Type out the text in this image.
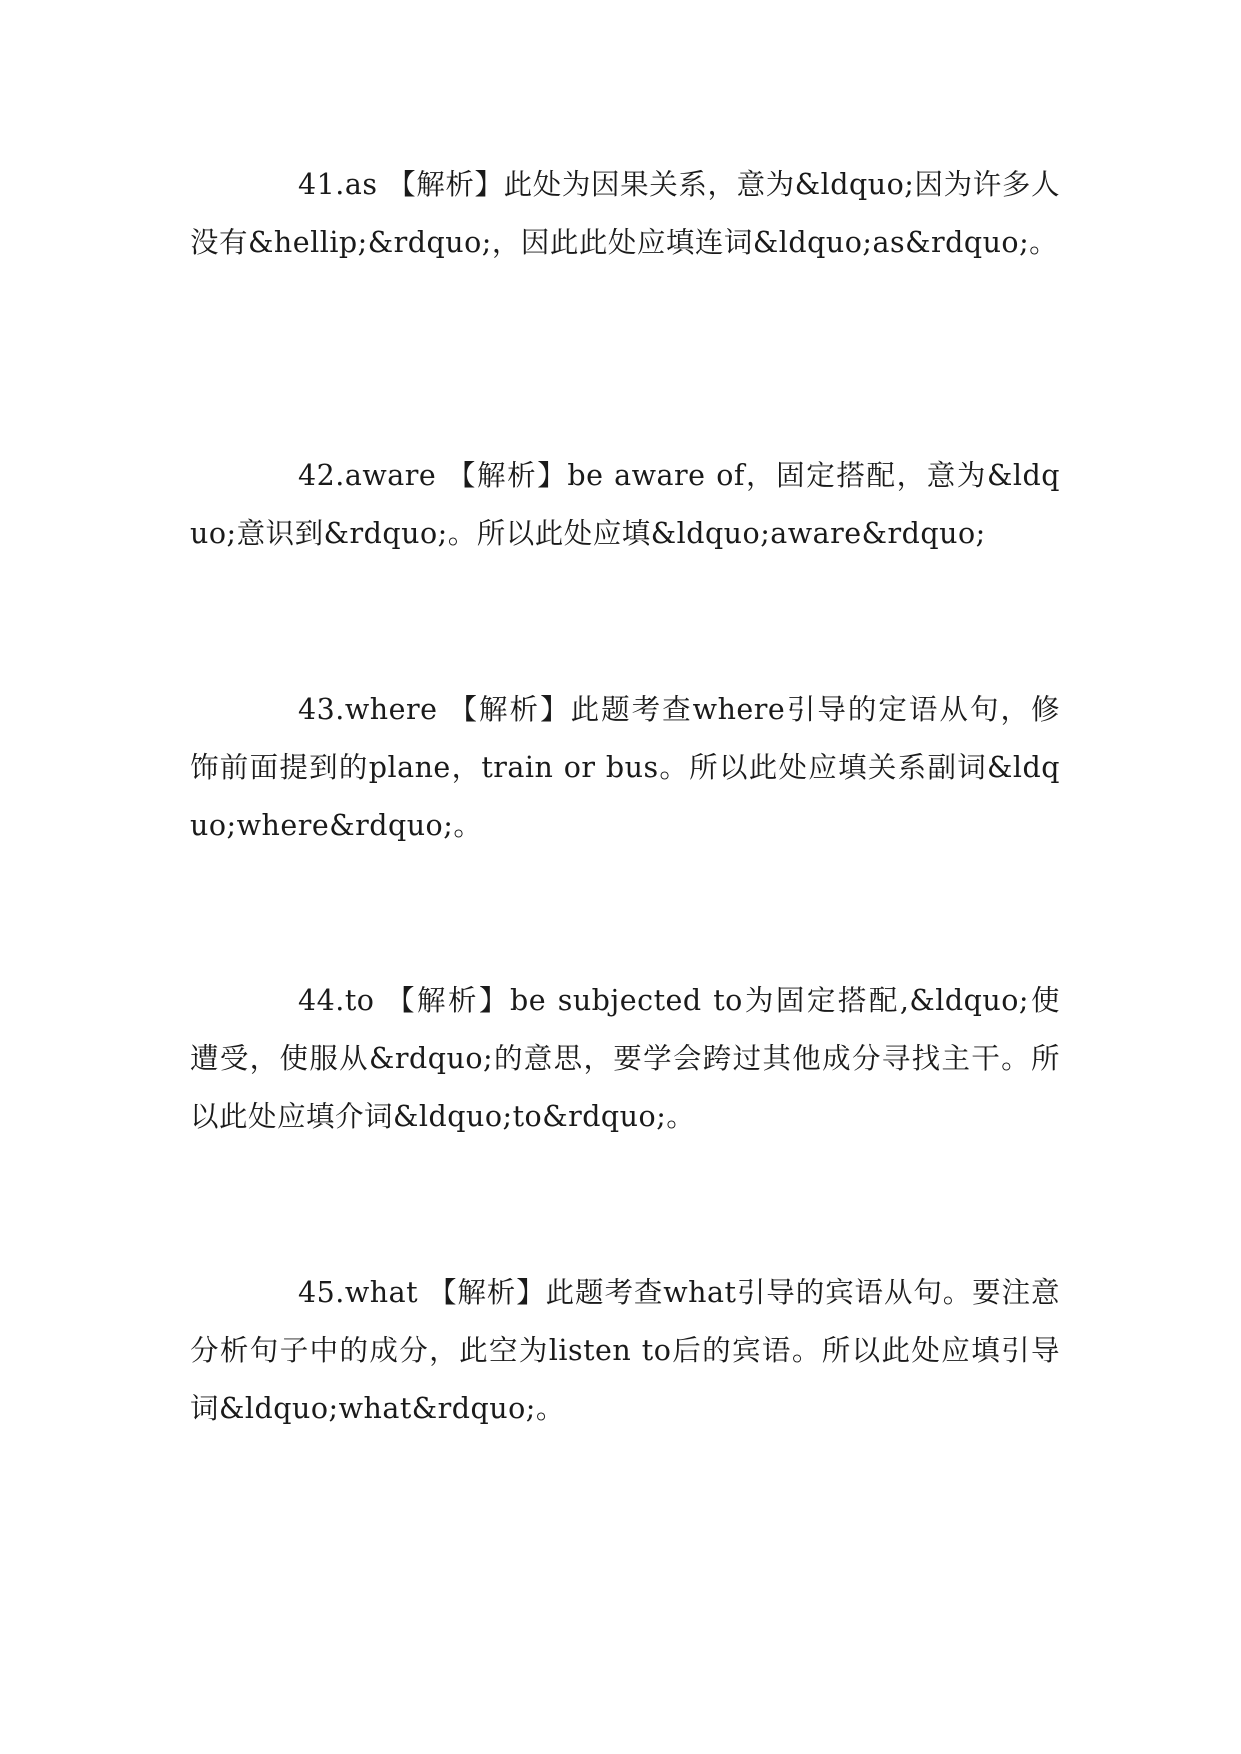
41.as 【解析】此处为因果关系，意为&ldquo;因为许多人没有&hellip;&rdquo;，因此此处应填连词&ldquo;as&rdquo;。

42.aware 【解析】be aware of，固定搭配，意为&ldquo;意识到&rdquo;。所以此处应填&ldquo;aware&rdquo;

43.where 【解析】此题考查where引导的定语从句，修饰前面提到的plane，train or bus。所以此处应填关系副词&ldquo;where&rdquo;。

44.to 【解析】be subjected to为固定搭配,&ldquo;使遭受，使服从&rdquo;的意思，要学会跨过其他成分寻找主干。所以此处应填介词&ldquo;to&rdquo;。

45.what 【解析】此题考查what引导的宾语从句。要注意分析句子中的成分，此空为listen to后的宾语。所以此处应填引导词&ldquo;what&rdquo;。
